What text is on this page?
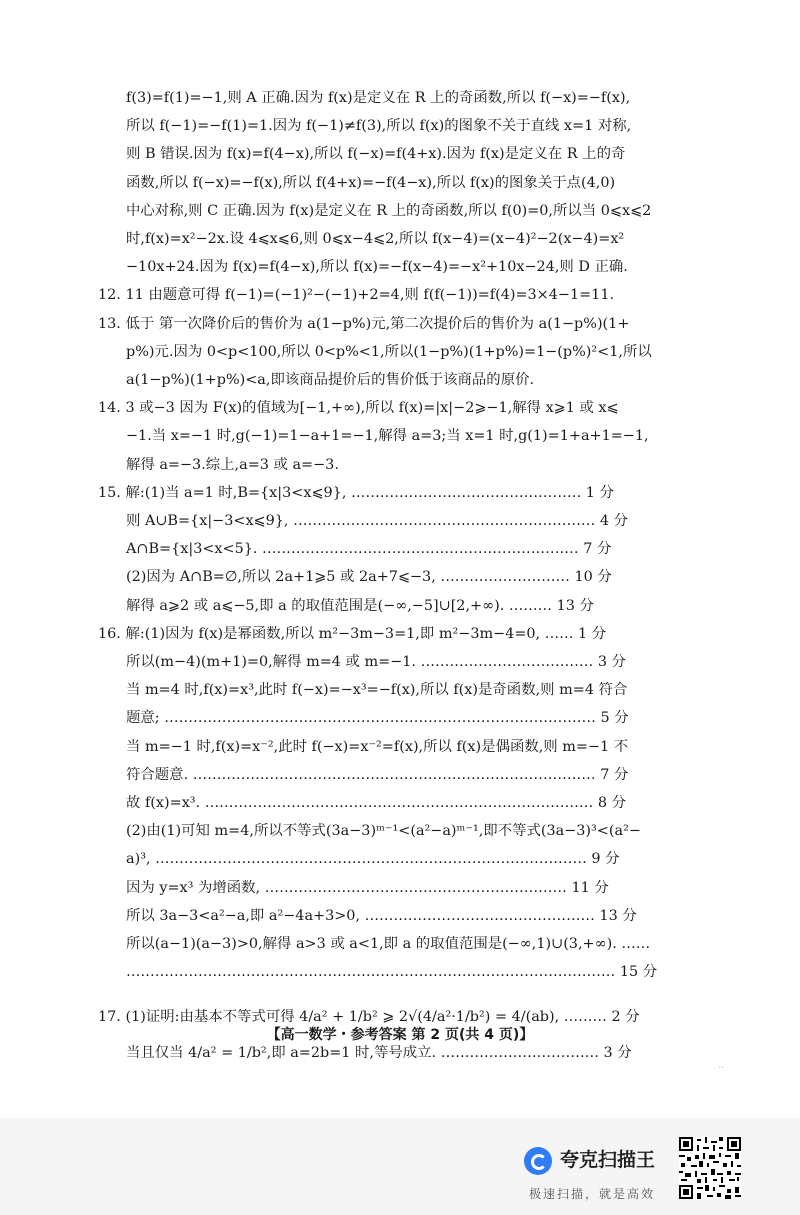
f(3)=f(1)=−1,则 A 正确.因为 f(x)是定义在 R 上的奇函数,所以 f(−x)=−f(x),
所以 f(−1)=−f(1)=1.因为 f(−1)≠f(3),所以 f(x)的图象不关于直线 x=1 对称,
则 B 错误.因为 f(x)=f(4−x),所以 f(−x)=f(4+x).因为 f(x)是定义在 R 上的奇
函数,所以 f(−x)=−f(x),所以 f(4+x)=−f(4−x),所以 f(x)的图象关于点(4,0)
中心对称,则 C 正确.因为 f(x)是定义在 R 上的奇函数,所以 f(0)=0,所以当 0⩽x⩽2
时,f(x)=x²−2x.设 4⩽x⩽6,则 0⩽x−4⩽2,所以 f(x−4)=(x−4)²−2(x−4)=x²
−10x+24.因为 f(x)=f(4−x),所以 f(x)=−f(x−4)=−x²+10x−24,则 D 正确.
12. 11 由题意可得 f(−1)=(−1)²−(−1)+2=4,则 f(f(−1))=f(4)=3×4−1=11.
13. 低于 第一次降价后的售价为 a(1−p%)元,第二次提价后的售价为 a(1−p%)(1+
p%)元.因为 0<p<100,所以 0<p%<1,所以(1−p%)(1+p%)=1−(p%)²<1,所以
a(1−p%)(1+p%)<a,即该商品提价后的售价低于该商品的原价.
14. 3 或−3 因为 F(x)的值域为[−1,+∞),所以 f(x)=|x|−2⩾−1,解得 x⩾1 或 x⩽
−1.当 x=−1 时,g(−1)=1−a+1=−1,解得 a=3;当 x=1 时,g(1)=1+a+1=−1,
解得 a=−3.综上,a=3 或 a=−3.
15. 解:(1)当 a=1 时,B={x|3<x⩽9}, ………………………………………… 1 分
则 A∪B={x|−3<x⩽9}, ……………………………………………………… 4 分
A∩B={x|3<x<5}. ………………………………………………………… 7 分
(2)因为 A∩B=∅,所以 2a+1⩾5 或 2a+7⩽−3, ……………………… 10 分
解得 a⩾2 或 a⩽−5,即 a 的取值范围是(−∞,−5]∪[2,+∞). ……… 13 分
16. 解:(1)因为 f(x)是幂函数,所以 m²−3m−3=1,即 m²−3m−4=0, …… 1 分
所以(m−4)(m+1)=0,解得 m=4 或 m=−1. ……………………………… 3 分
当 m=4 时,f(x)=x³,此时 f(−x)=−x³=−f(x),所以 f(x)是奇函数,则 m=4 符合
题意; ……………………………………………………………………………… 5 分
当 m=−1 时,f(x)=x⁻²,此时 f(−x)=x⁻²=f(x),所以 f(x)是偶函数,则 m=−1 不
符合题意. ………………………………………………………………………… 7 分
故 f(x)=x³. ……………………………………………………………………… 8 分
(2)由(1)可知 m=4,所以不等式(3a−3)ᵐ⁻¹<(a²−a)ᵐ⁻¹,即不等式(3a−3)³<(a²−
a)³, ……………………………………………………………………………… 9 分
因为 y=x³ 为增函数, ……………………………………………………… 11 分
所以 3a−3<a²−a,即 a²−4a+3>0, ………………………………………… 13 分
所以(a−1)(a−3)>0,解得 a>3 或 a<1,即 a 的取值范围是(−∞,1)∪(3,+∞). ……
………………………………………………………………………………………… 15 分
17. (1)证明:由基本不等式可得 4/a² + 1/b² ⩾ 2√(4/a²·1/b²) = 4/(ab), ……… 2 分
当且仅当 4/a² = 1/b²,即 a=2b=1 时,等号成立. …………………………… 3 分
【高一数学・参考答案 第 2 页(共 4 页)】
..
夸克扫描王
极速扫描，就是高效
